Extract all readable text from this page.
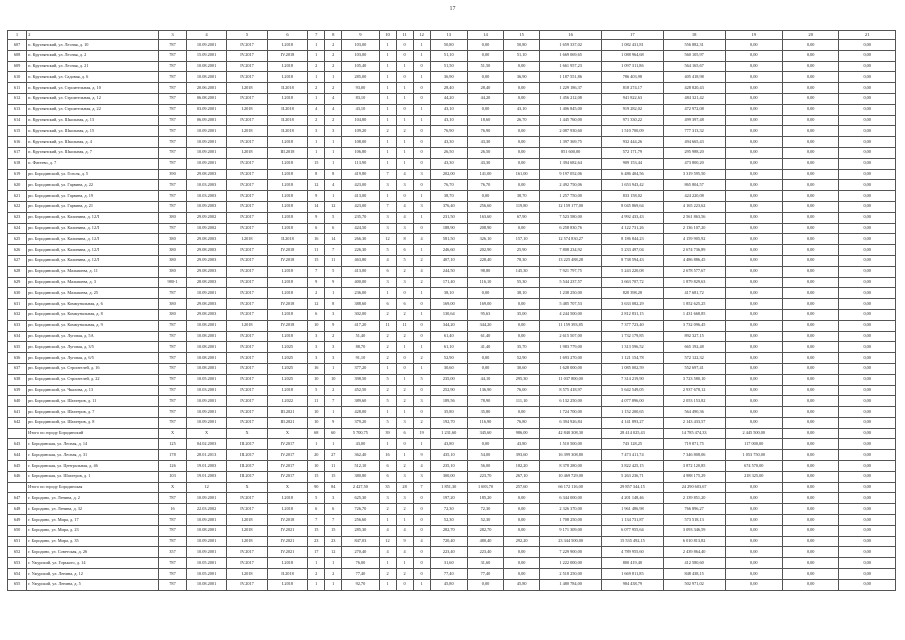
17
1	2	3	4	5	6	7	8	9	10	11	12	13	14	15	16	17	18	19	20	21
607	п. Круглянский, ул. Лесная, д. 10	787	10.09.2001	IV.2017	I.2018	1	2	103,00	1	0	1	50,80	0,00	50,80	1 659 337,02	1 082 431,81	556 882,31	0,00	0,00	0,00
608	п. Круглянский, ул. Лесная, д. 2	787	15.09.2001	IV.2017	IV.2018	1	2	103,00	1	0	1	51,10	0,00	51,10	1 669 069,65	1 088 964,68	560 105,97	0,00	0,00	0,00
609	п. Круглянский, ул. Лесная, д. 21	787	10.08.2001	IV.2017	I.2018	2	2	105,40	1	1	0	51,50	51,50	0,00	1 661 957,23	1 097 311,86	564 165,67	0,00	0,00	0,00
610	п. Круглянский, ул. Садовая, д. 6	787	10.08.2001	IV.2017	I.2018	1	1	285,00	1	0	1	36,90	0,00	36,90	1 187 551,86	786 403,98	405 418,98	0,00	0,00	0,00
611	п. Круглянский, ул. Строительная, д. 10	787	20.06.2001	I.2018	II.2018	2	2	93,00	1	1	0	28,40	28,40	0,00	1 229 186,37	818 274,17	428 820,43	0,00	0,00	0,00
612	п. Круглянский, ул. Строительная, д. 12	787	06.08.2001	IV.2017	I.2018	1	4	83,10	1	1	0	44,20	44,20	0,00	1 456 212,08	941 822,63	484 321,42	0,00	0,00	0,00
613	п. Круглянский, ул. Строительная, д. 22	787	03.09.2001	I.2018	II.2018	4	4	43,10	1	0	1	43,10	0,00	43,10	1 406 845,00	919 282,02	472 972,08	0,00	0,00	0,00
614	п. Круглянский, ул. Школьная, д. 13	787	06.09.2001	IV.2017	II.2018	2	2	104,80	1	1	1	43,10	18,60	26,70	1 445 760,00	971 330,22	499 397,48	0,00	0,00	0,00
615	п. Круглянский, ул. Школьная, д. 15	787	10.09.2001	I.2018	II.2018	3	3	109,20	2	2	0	76,90	76,90	0,00	2 087 930,60	1 510 700,09	777 313,32	0,00	0,00	0,00
616	п. Круглянский, ул. Школьная, д. 4	787	10.09.2001	IV.2017	I.2018	1	1	108,00	1	1	0	43,30	43,30	0,00	1 397 369,75	932 444,26	494 665,43	0,00	0,00	0,00
617	п. Круглянский, ул. Школьная, д. 7	787	10.09.2001	I.2018	III.2018	1	1	106,80	1	1	0	26,50	26,50	0,00	851 600,00	572 171,79	295 988,20	0,00	0,00	0,00
618	п. Фатеево, д. 7	787	10.09.2001	IV.2017	I.2018	15	1	113,90	1	1	0	43,30	43,30	0,00	1 394 682,64	909 153,44	473 800,20	0,00	0,00	0,00
619	рп. Бородинский, ул. Гоголя, д. 5	390	29.08.2003	IV.2017	I.2018	8	8	419,80	7	4	3	202,00	141,00	161,00	9 197 052,06	6 486 404,56	3 319 595,50	0,00	0,00	0,00
620	рп. Бородинский, ул. Гарвина, д. 22	787	10.03.2003	IV.2017	I.2018	12	4	423,00	3	3	0	76,70	76,70	0,00	2 492 750,06	1 653 943,42	865 804,57	0,00	0,00	0,00
621	рп. Бородинский, ул. Гарвина, д. 19	787	10.03.2003	IV.2017	I.2018	9	1	413,00	1	0	1	38,70	0,00	38,70	1 257 750,00	833 158,02	424 220,08	0,00	0,00	0,00
622	рп. Бородинский, ул. Гарвина, д. 21	787	10.09.2003	IV.2017	I.2018	14	12	423,00	7	4	3	376,40	256,60	119,80	12 159 177,00	8 045 869,64	4 165 223,62	0,00	0,00	0,00
623	рп. Бородинский, ул. Калинина, д. 12Л	380	29.09.2002	IV.2017	I.2018	9	5	235,70	3	4	1	231,50	163,60	67,90	7 523 580,00	4 992 433,43	2 561 863,56	0,00	0,00	0,00
624	рп. Бородинский, ул. Калинина, д. 12Л	787	10.09.2002	IV.2017	I.2018	6	6	424,50	3	3	0	188,90	208,90	0,00	6 258 830,76	4 122 731,26	2 136 107,20	0,00	0,00	0,00
625	рп. Бородинский, ул. Калинина, д. 12Л	380	29.08.2003	I.2018	II.2018	16	14	266,30	12	8	4	581,50	326,10	157,10	12 574 830,27	8 186 844,23	4 159 905,92	0,00	0,00	0,00
626	рп. Бородинский, ул. Калинина, д. 12Л	380	29.08.2003	IV.2017	IV.2018	11	7	226,30	5	6	1	246,60	202,90	25,90	7 808 234,92	5 233 497,04	2 674 736,89	0,00	0,00	0,00
627	рп. Бородинский, ул. Калинина, д. 12Л	380	29.09.2003	IV.2017	IV.2018	15	11	463,80	4	5	2	407,10	228,40	78,30	13 225 488,28	8 738 594,43	4 486 886,45	0,00	0,00	0,00
628	рп. Бородинский, ул. Малышевa, д. 11	380	29.08.2003	IV.2017	I.2018	7	5	413,00	6	2	4	244,50	98,80	145,30	7 921 797,75	5 243 220,08	2 678 577,67	0,00	0,00	0,00
629	рп. Бородинский, ул. Малышевa, д. 3	980-1	28.08.2003	IV.2017	I.2018	9	9	400,00	3	3	2	171,40	116,10	55,30	5 544 237,57	3 663 707,72	1 879 829,63	0,00	0,00	0,00
630	рп. Бородинский, ул. Малышевa, д. 25	787	10.09.2001	IV.2017	I.2018	2	1	236,00	1	0	1	38,10	0,00	38,10	1 238 250,00	820 398,28	417 681,72	0,00	0,00	0,00
631	рп. Бородинский, ул. Коммунальная, д. 6	380	29.08.2003	IV.2017	IV.2018	12	8	388,60	6	6	0	169,00	169,00	0,00	5 485 707,53	3 633 082,29	1 852 625,25	0,00	0,00	0,00
632	рп. Бородинский, ул. Коммунальная, д. 8	380	29.08.2003	IV.2017	I.2018	6	3	302,00	2	2	1	130,64	95,63	35,00	4 244 500,00	2 812 831,15	1 431 668,85	0,00	0,00	0,00
633	рп. Бородинский, ул. Коммунальная, д. 9	787	10.08.2001	I.2018	IV.2018	10	9	417,20	11	11	0	344,20	344,20	0,00	11 159 393,85	7 377 723,40	3 732 096,45	0,00	0,00	0,00
634	рп. Бородинский, ул. Луговая, д. 5А	787	10.08.2001	IV.2017	I.2018	3	2	51,40	2	2	0	61,40	61,40	0,00	2 615 507,00	1 732 179,85	892 327,15	0,00	0,00	0,00
635	рп. Бородинский, ул. Луговая, д. 3/5	787	10.08.2001	IV.2017	I.2025	3	3	88,70	2	1	1	61,10	41,40	35,70	1 983 779,00	1 313 596,52	665 192,48	0,00	0,00	0,00
636	рп. Бородинский, ул. Луговая, д. 6/5	787	10.08.2001	IV.2017	I.2025	3	3	91,10	2	0	2	52,90	0,00	52,90	1 693 270,00	1 121 154,78	572 122,32	0,00	0,00	0,00
637	рп. Бородинский, ул. Строителей, д. 16	787	10.08.2001	IV.2017	I.2025	16	1	377,20	1	0	1	30,60	0,00	30,60	1 628 000,00	1 085 002,59	552 697,41	0,00	0,00	0,00
638	рп. Бородинский, ул. Строителей, д. 22	787	10.05.2001	IV.2017	I.2025	10	10	398,50	5	1	5	235,00	44,10	295,30	11 037 800,00	7 314 219,90	3 723 580,10	0,00	0,00	0,00
639	рп. Бородинский, ул. Чкалова, д. 13	787	10.03.2001	IV.2017	I.2018	5	2	452,50	2	2	0	252,90	136,90	76,00	8 575 418,97	5 642 549,05	2 937 678,12	0,00	0,00	0,00
640	рп. Бородинский, ул. Шахтеров, д. 11	787	10.09.2001	IV.2017	I.2022	11	7	389,60	5	2	3	189,56	78,90	111,10	6 132 250,00	4 077 896,00	2 053 153,82	0,00	0,00	0,00
641	рп. Бородинский, ул. Шахтеров, д. 7	787	10.09.2001	IV.2017	III.2021	10	1	428,00	1	1	0	35,80	35,80	0,00	1 724 700,00	1 152 200,65	564 490,36	0,00	0,00	0,00
642	рп. Бородинский, ул. Шахтеров, д. 8	787	10.09.2001	IV.2017	III.2021	10	9	379,20	5	3	2	192,70	116,90	76,80	6 394 926,84	4 141 893,27	2 143 433,57	0,00	0,00	0,00
	Итого по городу Бородинский	X	X	X	X	68	60	5 700,75	39	6	19	1 231,60	345,60	986,00	42 840 308,30	28 414 025,43	14 785 474,33	2 445 500,00	0,00	0,00
643	г. Бородинская, ул. Лесная, д. 14	125	04.02.2003	III.2017	IV.2017	1	1	43,00	1	0	1	43,80	0,00	43,80	1 510 500,00	743 128,25	719 871,75	117 000,00	0,00	0,00
644	г. Бородинская, ул. Лесная, д. 31	178	28.01.2013	III.2017	IV.2017	20	27	362,40	16	1	9	435,10	54,00	393,60	16 399 308,80	7 473 411,74	7 346 808,06	1 053 750,00	0,00	0,00
645	г. Бородинская, ул. Центральная, д. 46	126	19.01.2003	III.2017	IV.2017	10	11	512,10	6	2	4	235,10	56,00	182,20	8 378 280,00	3 822 425,15	3 872 120,85	674 570,00	0,00	0,00
646	г. Бородинская, ул. Шахтеров, д. 1	103	19.01.2003	III.2017	IV.2017	15	15	380,80	6	3	3	300,00	223,70	267,10	10 469 729,00	5 263 236,71	4 988 175,29	218 325,00	0,00	0,00
	Итого по городу Бородинская	X	12	X	X	90	84	2 427,50	35	28	7	1 851,30	1 683,70	257,60	66 172 116,00	29 857 344,15	24 290 603,67	0,00	0,00	0,00
647	г. Бородино, ул. Ленина, д. 2	787	10.09.2001	IV.2017	I.2018	5	3	625,30	3	3	0	197,20	185,20	0,00	6 344 000,00	4 201 148,46	2 139 851,20	0,00	0,00	0,00
648	г. Бородино, ул. Ленина, д. 32	16	22.03.2002	IV.2017	I.2018	6	6	726,70	2	2	0	72,30	72,30	0,00	2 326 370,00	1 961 486,98	766 896,27	0,00	0,00	0,00
649	г. Бородино, ул. Мира, д. 17	787	10.09.2001	I.2018	IV.2018	7	7	256,60	1	1	0	52,30	52,30	0,00	1 708 250,00	1 134 731,87	573 518,13	0,00	0,00	0,00
650	г. Бородино, ул. Мира, д. 23	787	10.08.2001	I.2018	IV.2021	15	15	285,30	4	4	0	282,70	282,70	0,00	9 171 309,00	6 077 955,64	3 093 346,59	0,00	0,00	0,00
651	г. Бородино, ул. Мира, д. 35	787	10.09.2001	I.2018	IV.2021	23	23	847,03	12	9	4	720,40	480,40	292,20	23 344 500,00	15 535 492,15	6 010 813,82	0,00	0,00	0,00
652	г. Бородино, ул. Советская, д. 26	357	10.09.2001	IV.2017	IV.2021	17	12	270,40	4	4	0	223,40	223,40	0,00	7 229 900,00	4 789 955,60	2 439 864,40	0,00	0,00	0,00
653	г. Ужурский, ул. Горького, д. 14	787	10.05.2001	IV.2017	I.2018	1	1	76,00	1	1	0	31,60	31,60	0,00	1 222 000,00	800 419,40	412 580,60	0,00	0,00	0,00
654	г. Ужурский, ул. Ленина, д. 12	787	10.05.2001	I.2018	II.2018	2	2	77,40	2	2	0	77,40	77,40	0,00	2 518 250,00	1 669 811,85	848 438,15	0,00	0,00	0,00
655	г. Ужурский, ул. Ленина, д. 5	787	10.08.2001	IV.2017	I.2018	1	1	92,70	1	0	1	45,80	0,00	45,80	1 480 784,00	984 438,79	502 971,02	0,00	0,00	0,00
